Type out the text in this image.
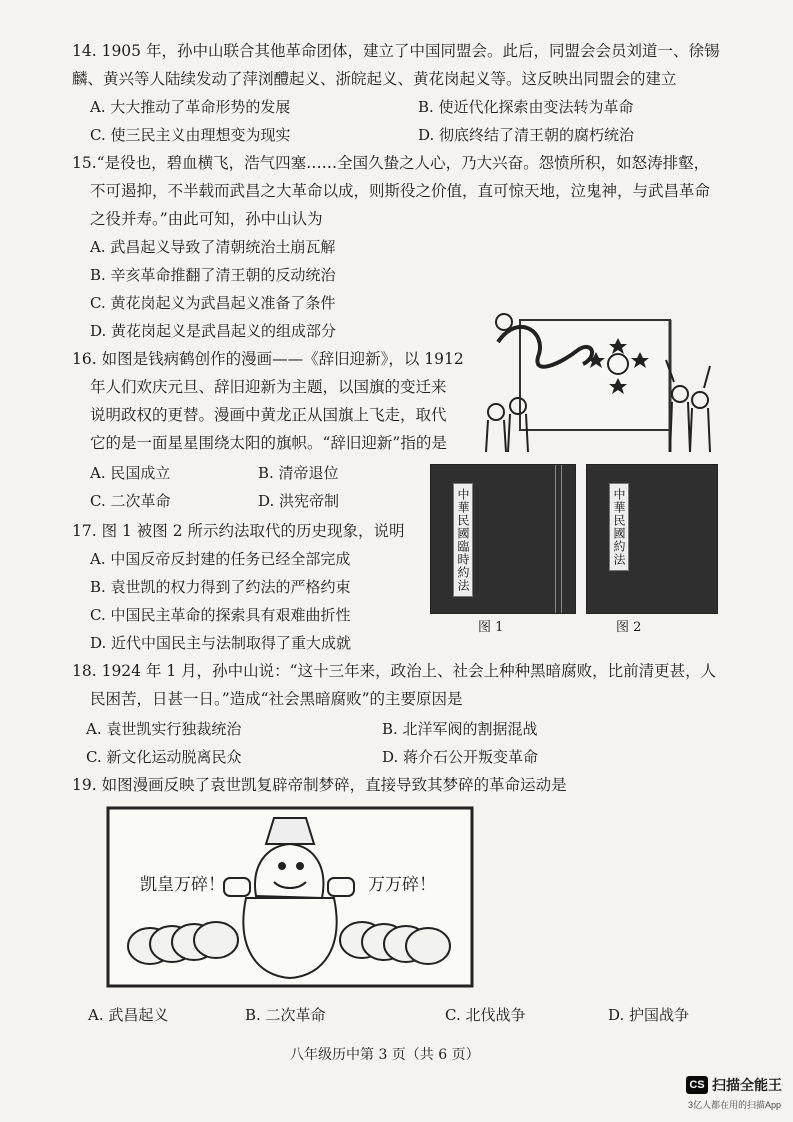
14. 1905 年，孙中山联合其他革命团体，建立了中国同盟会。此后，同盟会会员刘道一、徐锡
麟、黄兴等人陆续发动了萍浏醴起义、浙皖起义、黄花岗起义等。这反映出同盟会的建立
A. 大大推动了革命形势的发展	B. 使近代化探索由变法转为革命
C. 使三民主义由理想变为现实	D. 彻底终结了清王朝的腐朽统治
15.“是役也，碧血横飞，浩气四塞……全国久蛰之人心，乃大兴奋。怨愤所积，如怒涛排壑，
不可遏抑，不半载而武昌之大革命以成，则斯役之价值，直可惊天地，泣鬼神，与武昌革命
之役并寿。”由此可知，孙中山认为
A. 武昌起义导致了清朝统治土崩瓦解
B. 辛亥革命推翻了清王朝的反动统治
C. 黄花岗起义为武昌起义准备了条件
D. 黄花岗起义是武昌起义的组成部分
16. 如图是钱病鹤创作的漫画——《辞旧迎新》，以 1912
年人们欢庆元旦、辞旧迎新为主题，以国旗的变迁来
说明政权的更替。漫画中黄龙正从国旗上飞走，取代
它的是一面星星围绕太阳的旗帜。“辞旧迎新”指的是
A. 民国成立	B. 清帝退位
C. 二次革命	D. 洪宪帝制
17. 图 1 被图 2 所示约法取代的历史现象，说明
A. 中国反帝反封建的任务已经全部完成
B. 袁世凯的权力得到了约法的严格约束
C. 中国民主革命的探索具有艰难曲折性
D. 近代中国民主与法制取得了重大成就
中華民國臨時約法	中華民國約法
图 1	图 2
18. 1924 年 1 月，孙中山说：“这十三年来，政治上、社会上种种黑暗腐败，比前清更甚，人
民困苦，日甚一日。”造成“社会黑暗腐败”的主要原因是
A. 袁世凯实行独裁统治	B. 北洋军阀的割据混战
C. 新文化运动脱离民众	D. 蒋介石公开叛变革命
19. 如图漫画反映了袁世凯复辟帝制梦碎，直接导致其梦碎的革命运动是
凯皇万碎！	万万碎！
A. 武昌起义	B. 二次革命	C. 北伐战争	D. 护国战争
八年级历中第 3 页（共 6 页）
CS 扫描全能王
3亿人都在用的扫描App
